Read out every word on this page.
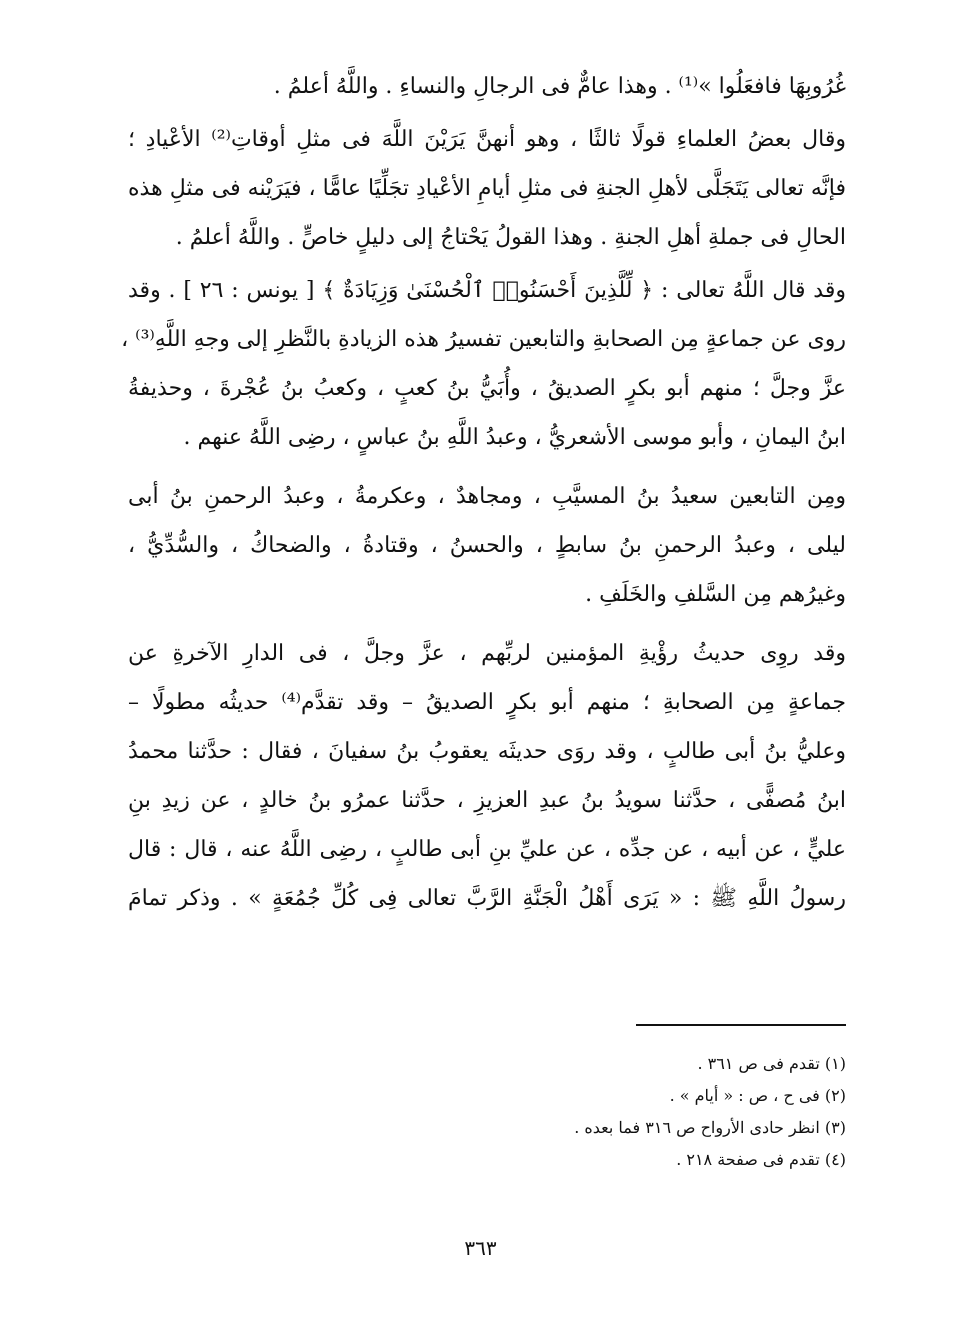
غُرُوبِهَا فافعَلُوا »⁽¹⁾ . وهذا عامٌّ فى الرجالِ والنساءِ . واللَّهُ أعلمُ .
وقال بعضُ العلماءِ قولًا ثالثًا ، وهو أنهنَّ يَرَيْنَ اللَّهَ فى مثلِ أوقاتِ⁽²⁾ الأعْيادِ ؛
فإنَّه تعالى يَتَجَلَّى لأهلِ الجنةِ فى مثلِ أيامِ الأعْيادِ تجَلِّيًا عامًّا ، فيَرَيْنه فى مثلِ هذه
الحالِ فى جملةِ أهلِ الجنةِ . وهذا القولُ يَحْتاجُ إلى دليلٍ خاصٍّ . واللَّهُ أعلمُ .
وقد قال اللَّهُ تعالى : ﴿ لِّلَّذِينَ أَحْسَنُوا۟ ٱلْحُسْنَىٰ وَزِيَادَةٌ ﴾ [ يونس : ٢٦ ] . وقد
روى عن جماعةٍ مِن الصحابةِ والتابعين تفسيرُ هذه الزيادةِ بالنَّظرِ إلى وجهِ اللَّهِ⁽³⁾ ،
عزَّ وجلَّ ؛ منهم أبو بكرٍ الصديقُ ، وأُبَيُّ بنُ كعبٍ ، وكعبُ بنُ عُجْرةَ ، وحذيفةُ
ابنُ اليمانِ ، وأبو موسى الأشعريُّ ، وعبدُ اللَّهِ بنُ عباسٍ ، رضِى اللَّهُ عنهم .
ومِن التابعين سعيدُ بنُ المسيَّبِ ، ومجاهدٌ ، وعكرمةُ ، وعبدُ الرحمنِ بنُ أبى
ليلى ، وعبدُ الرحمنِ بنُ سابطٍ ، والحسنُ ، وقتادةُ ، والضحاكُ ، والسُّدِّيُّ ،
وغيرُهم مِن السَّلفِ والخَلَفِ .
وقد روِى حديثُ رؤْيةِ المؤمنين لربِّهم ، عزَّ وجلَّ ، فى الدارِ الآخرةِ عن
جماعةٍ مِن الصحابةِ ؛ منهم أبو بكرٍ الصديقُ – وقد تقدَّم⁽⁴⁾ حديثُه مطولًا –
وعليُّ بنُ أبى طالبٍ ، وقد روَى حديثَه يعقوبُ بنُ سفيانَ ، فقال : حدَّثنا محمدُ
ابنُ مُصفًّى ، حدَّثنا سويدُ بنُ عبدِ العزيزِ ، حدَّثنا عمرُو بنُ خالدٍ ، عن زيدِ بنِ
عليٍّ ، عن أبيه ، عن جدِّه ، عن عليِّ بنِ أبى طالبٍ ، رضِى اللَّهُ عنه ، قال : قال
رسولُ اللَّهِ ﷺ : « يَرَى أَهْلُ الْجَنَّةِ الرَّبَّ تعالى فِى كُلِّ جُمُعَةٍ » . وذكر تمامَ
(١) تقدم فى ص ٣٦١ .
(٢) فى ح ، ص : « أيام » .
(٣) انظر حادى الأرواح ص ٣١٦ فما بعده .
(٤) تقدم فى صفحة ٢١٨ .
٣٦٣
